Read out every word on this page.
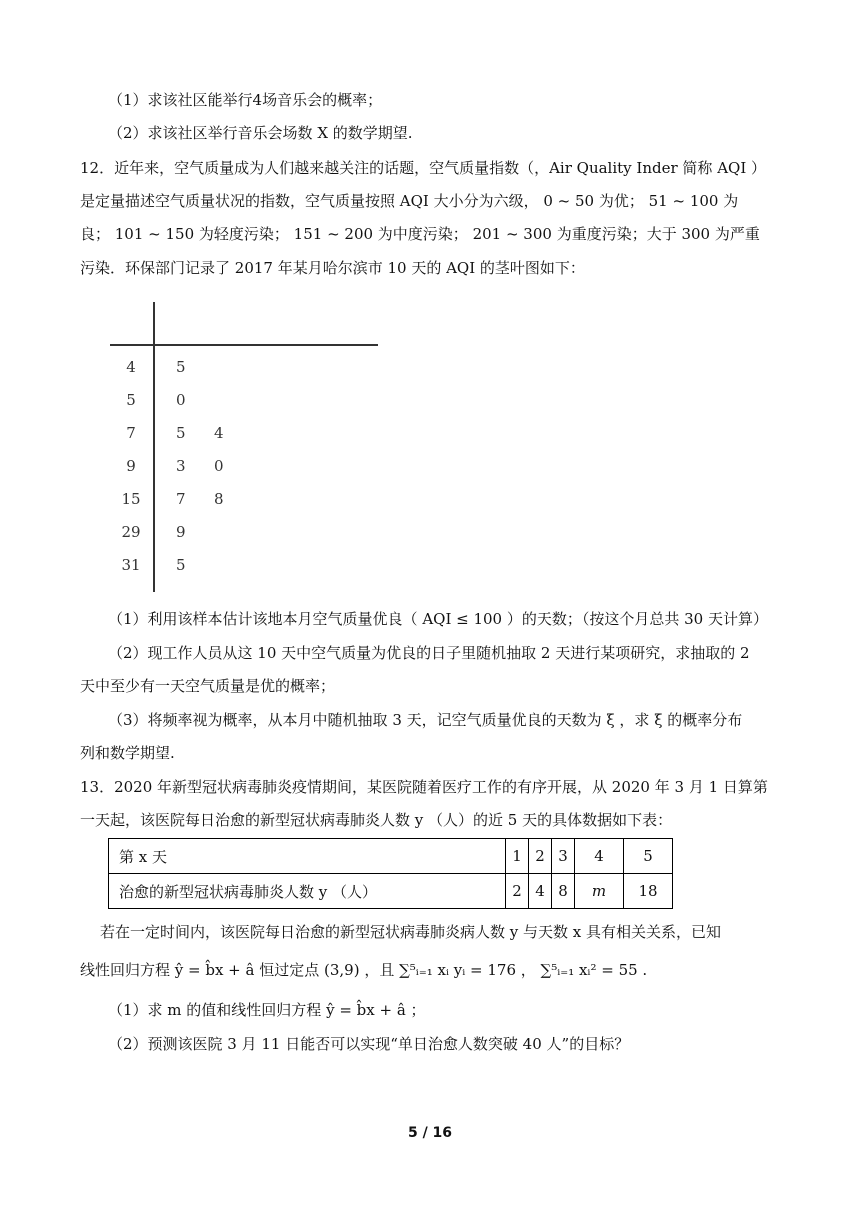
（1）求该社区能举行4场音乐会的概率；
（2）求该社区举行音乐会场数 X 的数学期望.
12．近年来，空气质量成为人们越来越关注的话题，空气质量指数（，Air Quality Inder 简称 AQI ）
是定量描述空气质量状况的指数，空气质量按照 AQI 大小分为六级， 0 ~ 50 为优； 51 ~ 100 为
良； 101 ~ 150 为轻度污染； 151 ~ 200 为中度污染； 201 ~ 300 为重度污染；大于 300 为严重
污染．环保部门记录了 2017 年某月哈尔滨市 10 天的 AQI 的茎叶图如下：
4	5
5	0
7	5 4
9	3 0
15	7 8
29	9
31	5
（1）利用该样本估计该地本月空气质量优良（ AQI ≤ 100 ）的天数；（按这个月总共 30 天计算）
（2）现工作人员从这 10 天中空气质量为优良的日子里随机抽取 2 天进行某项研究，求抽取的 2
天中至少有一天空气质量是优的概率；
（3）将频率视为概率，从本月中随机抽取 3 天，记空气质量优良的天数为 ξ ，求 ξ 的概率分布
列和数学期望.
13．2020 年新型冠状病毒肺炎疫情期间，某医院随着医疗工作的有序开展，从 2020 年 3 月 1 日算第
一天起，该医院每日治愈的新型冠状病毒肺炎人数 y （人）的近 5 天的具体数据如下表：
第 x 天	1	2	3	4	5
治愈的新型冠状病毒肺炎人数 y （人）	2	4	8	m	18
若在一定时间内，该医院每日治愈的新型冠状病毒肺炎病人数 y 与天数 x 具有相关关系，已知
线性回归方程 ŷ = b̂x + â 恒过定点 (3,9) ，且 ∑⁵ᵢ₌₁ xᵢ yᵢ = 176 ， ∑⁵ᵢ₌₁ xᵢ² = 55 .
（1）求 m 的值和线性回归方程 ŷ = b̂x + â ；
（2）预测该医院 3 月 11 日能否可以实现“单日治愈人数突破 40 人”的目标？
5 / 16
